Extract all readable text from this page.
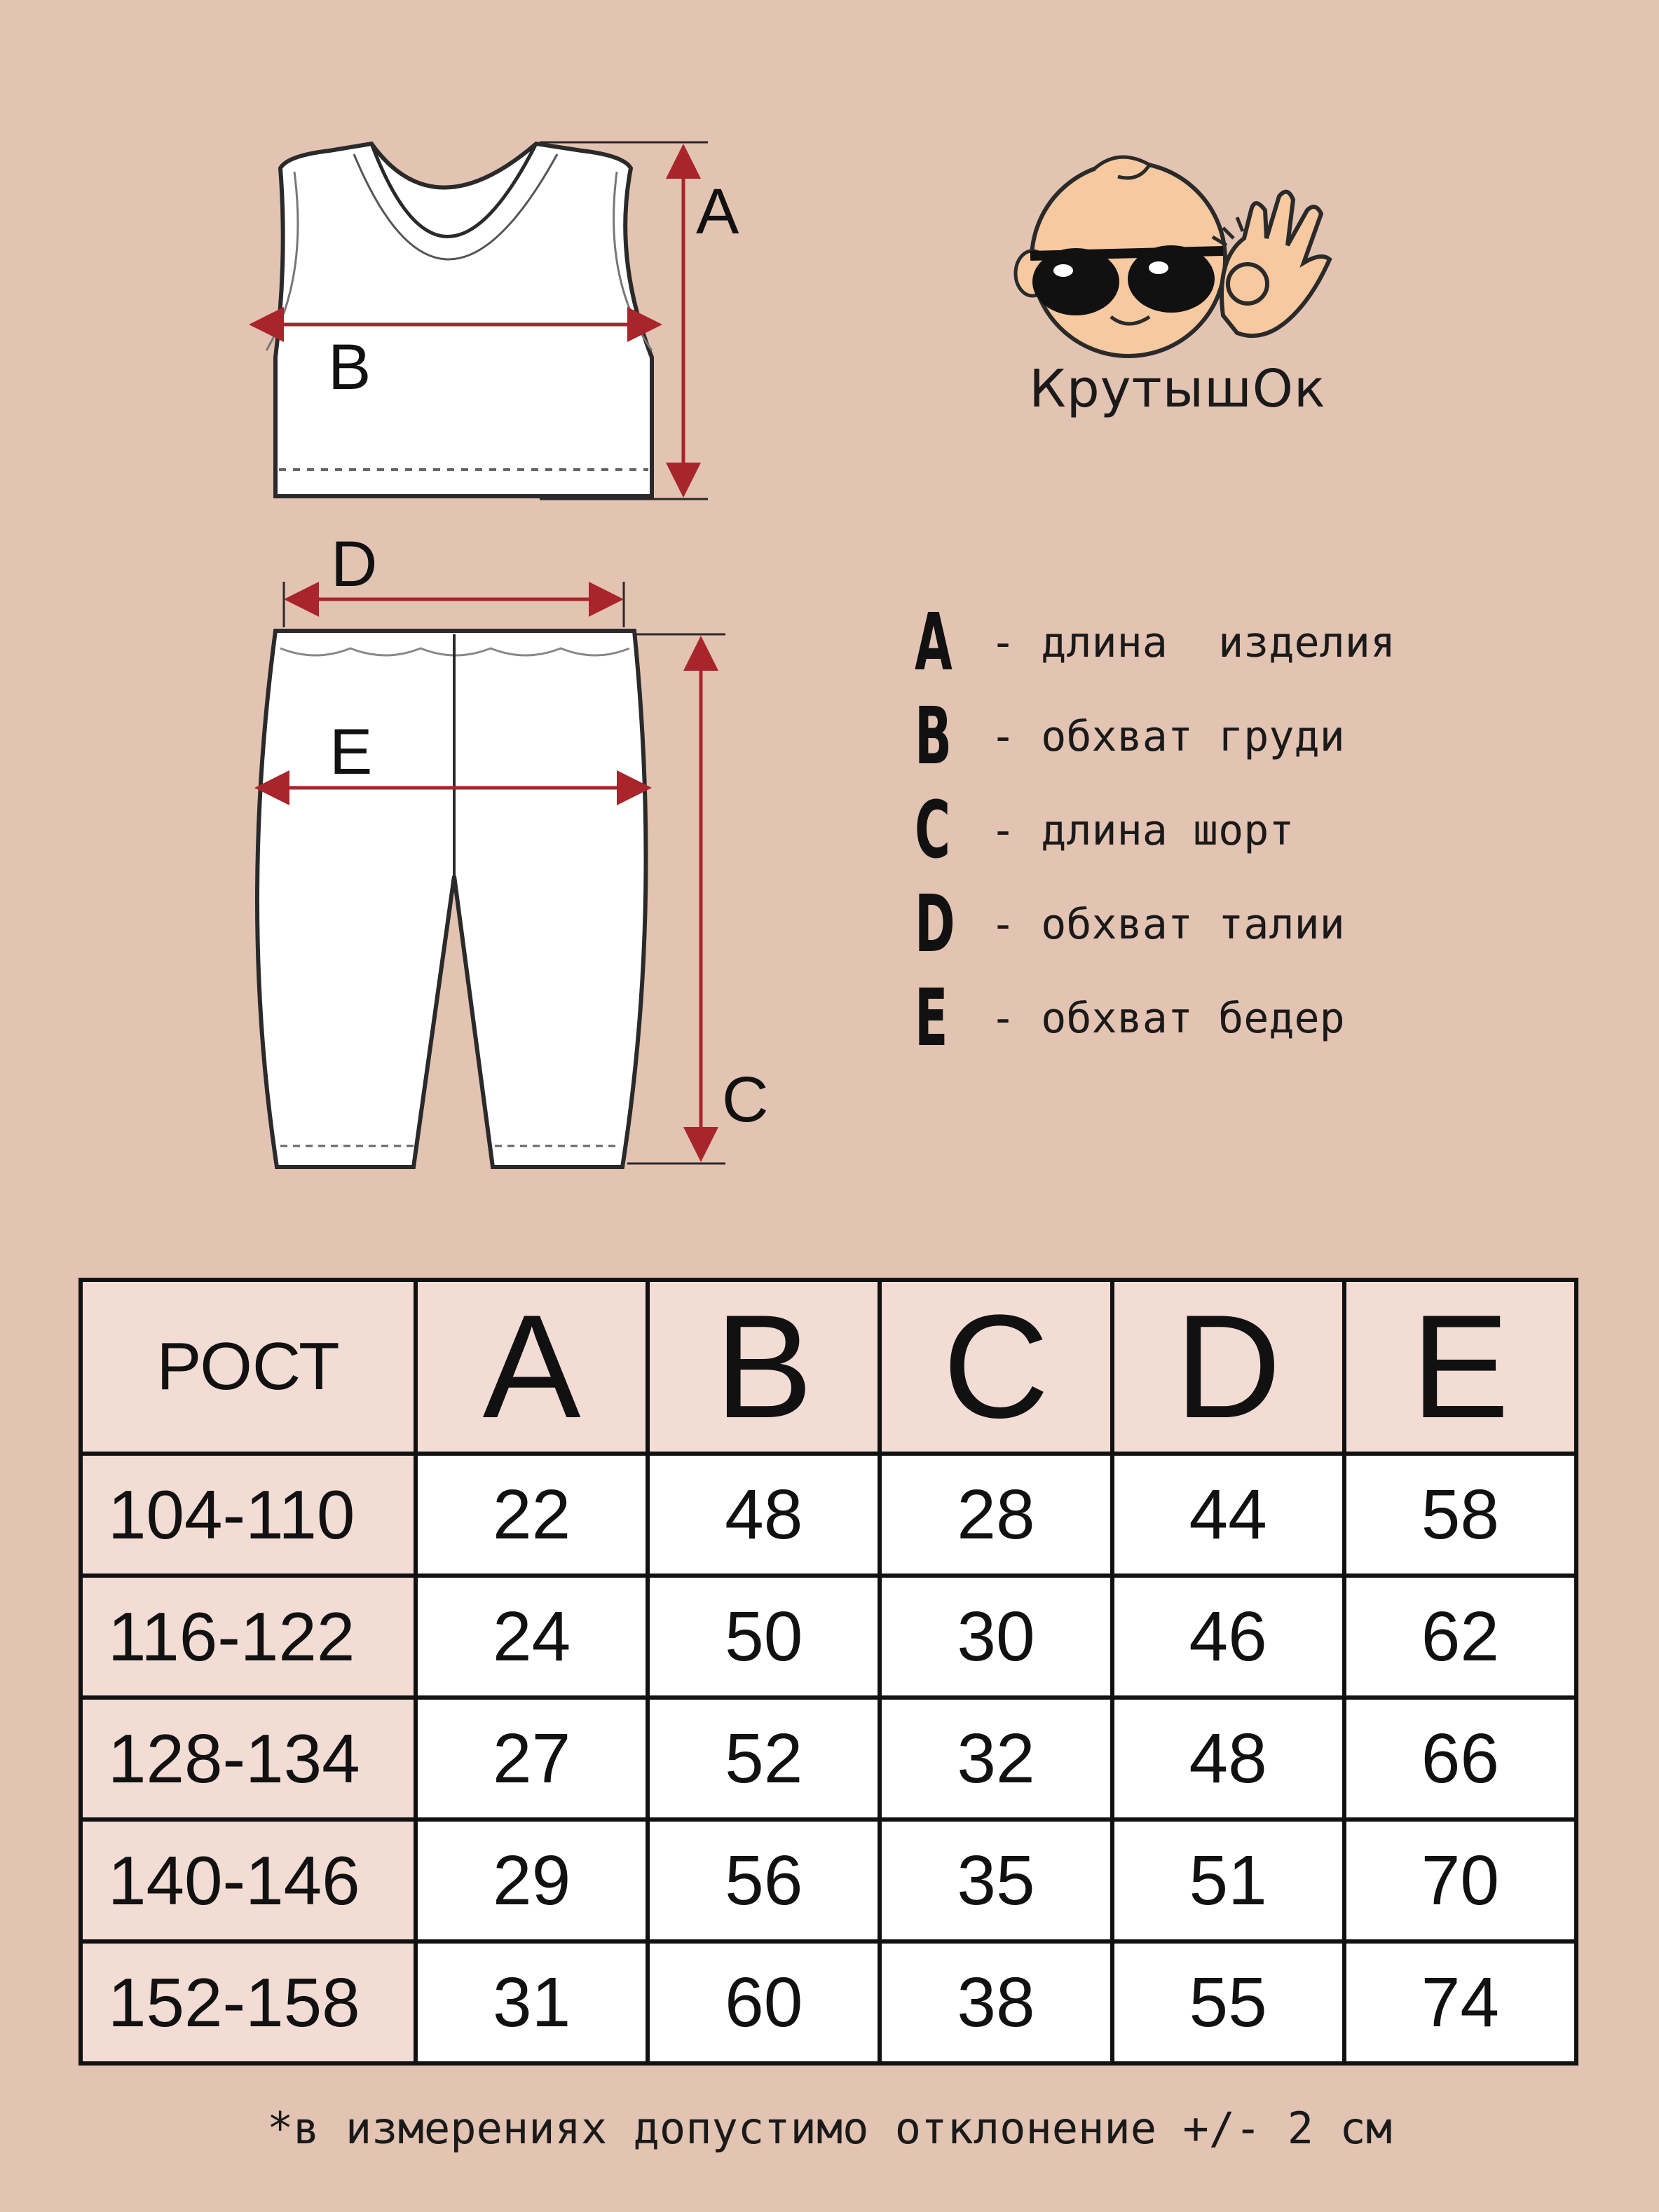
A
B
D
E
C
КрутышОк
A - длина  изделия
B - обхват груди
C - длина шорт
D - обхват талии
E - обхват бедер
РОСТ	A	B	C	D	E
104-110	22	48	28	44	58
116-122	24	50	30	46	62
128-134	27	52	32	48	66
140-146	29	56	35	51	70
152-158	31	60	38	55	74
*в измерениях допустимо отклонение +/- 2 см
